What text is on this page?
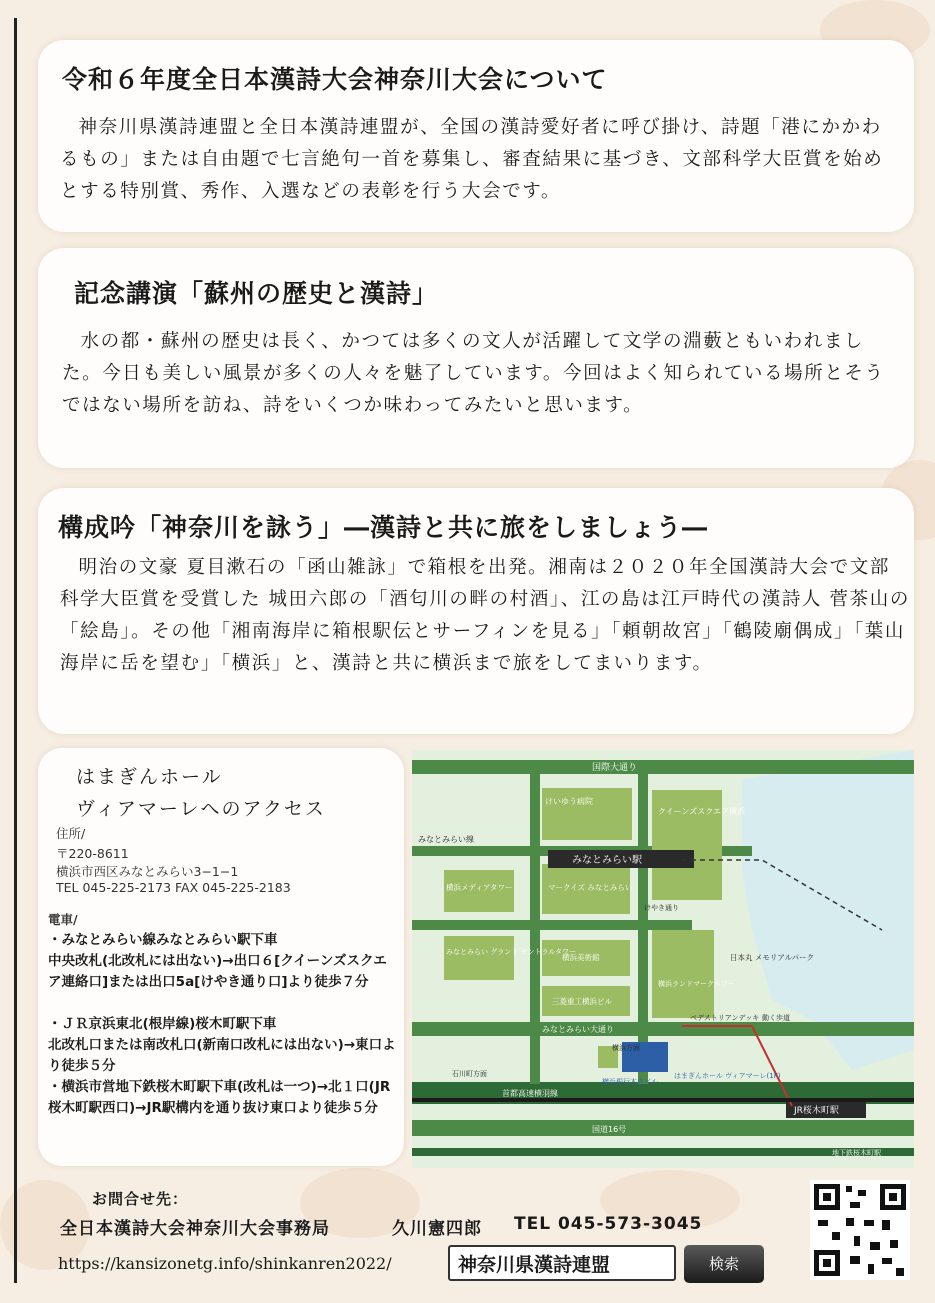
令和６年度全日本漢詩大会神奈川大会について

神奈川県漢詩連盟と全日本漢詩連盟が、全国の漢詩愛好者に呼び掛け、詩題「港にかかわるもの」または自由題で七言絶句一首を募集し、審査結果に基づき、文部科学大臣賞を始めとする特別賞、秀作、入選などの表彰を行う大会です。

記念講演「蘇州の歴史と漢詩」

水の都・蘇州の歴史は長く、かつては多くの文人が活躍して文学の淵藪ともいわれました。今日も美しい風景が多くの人々を魅了しています。今回はよく知られている場所とそうではない場所を訪ね、詩をいくつか味わってみたいと思います。

構成吟「神奈川を詠う」―漢詩と共に旅をしましょう―

明治の文豪 夏目漱石の「函山雑詠」で箱根を出発。湘南は２０２０年全国漢詩大会で文部科学大臣賞を受賞した 城田六郎の「酒匂川の畔の村酒」、江の島は江戸時代の漢詩人 菅茶山の「絵島」。その他「湘南海岸に箱根駅伝とサーフィンを見る」「頼朝故宮」「鶴陵廟偶成」「葉山海岸に岳を望む」「横浜」と、漢詩と共に横浜まで旅をしてまいります。

はまぎんホール
ヴィアマーレへのアクセス
住所/
〒220-8611
横浜市西区みなとみらい3−1−1
TEL 045-225-2173 FAX 045-225-2183
電車/
・みなとみらい線みなとみらい駅下車
中央改札(北改札には出ない)→出口６[クイーンズスクエア連絡口]または出口5a[けやき通り口]より徒歩７分
・ＪＲ京浜東北(根岸線)桜木町駅下車
北改札口または南改札口(新南口改札には出ない)→東口より徒歩５分
・横浜市営地下鉄桜木町駅下車(改札は一つ)→北１口(JR桜木町駅西口)→JR駅構内を通り抜け東口より徒歩５分
国際大通り
けいゆう病院
クイーンズスクエア横浜
みなとみらい線
みなとみらい駅
横浜メディアタワー	マークイズ みなとみらい
けやき通り
みなとみらい グランド セントラルタワー
横浜美術館	日本丸 メモリアルパーク
三菱重工横浜ビル
横浜ランドマークタワー
みなとみらい大通り
ペデストリアンデッキ 動く歩道
横浜方面
石川町方面
横浜銀行本店ビル
はまぎんホール ヴィアマーレ(1F)
首都高速横羽線
JR桜木町駅
国道16号
地下鉄桜木町駅
お問合せ先：
全日本漢詩大会神奈川大会事務局	久川憲四郎 TEL 045-573-3045
https://kansizonetg.info/shinkanren2022/	神奈川県漢詩連盟	検索
